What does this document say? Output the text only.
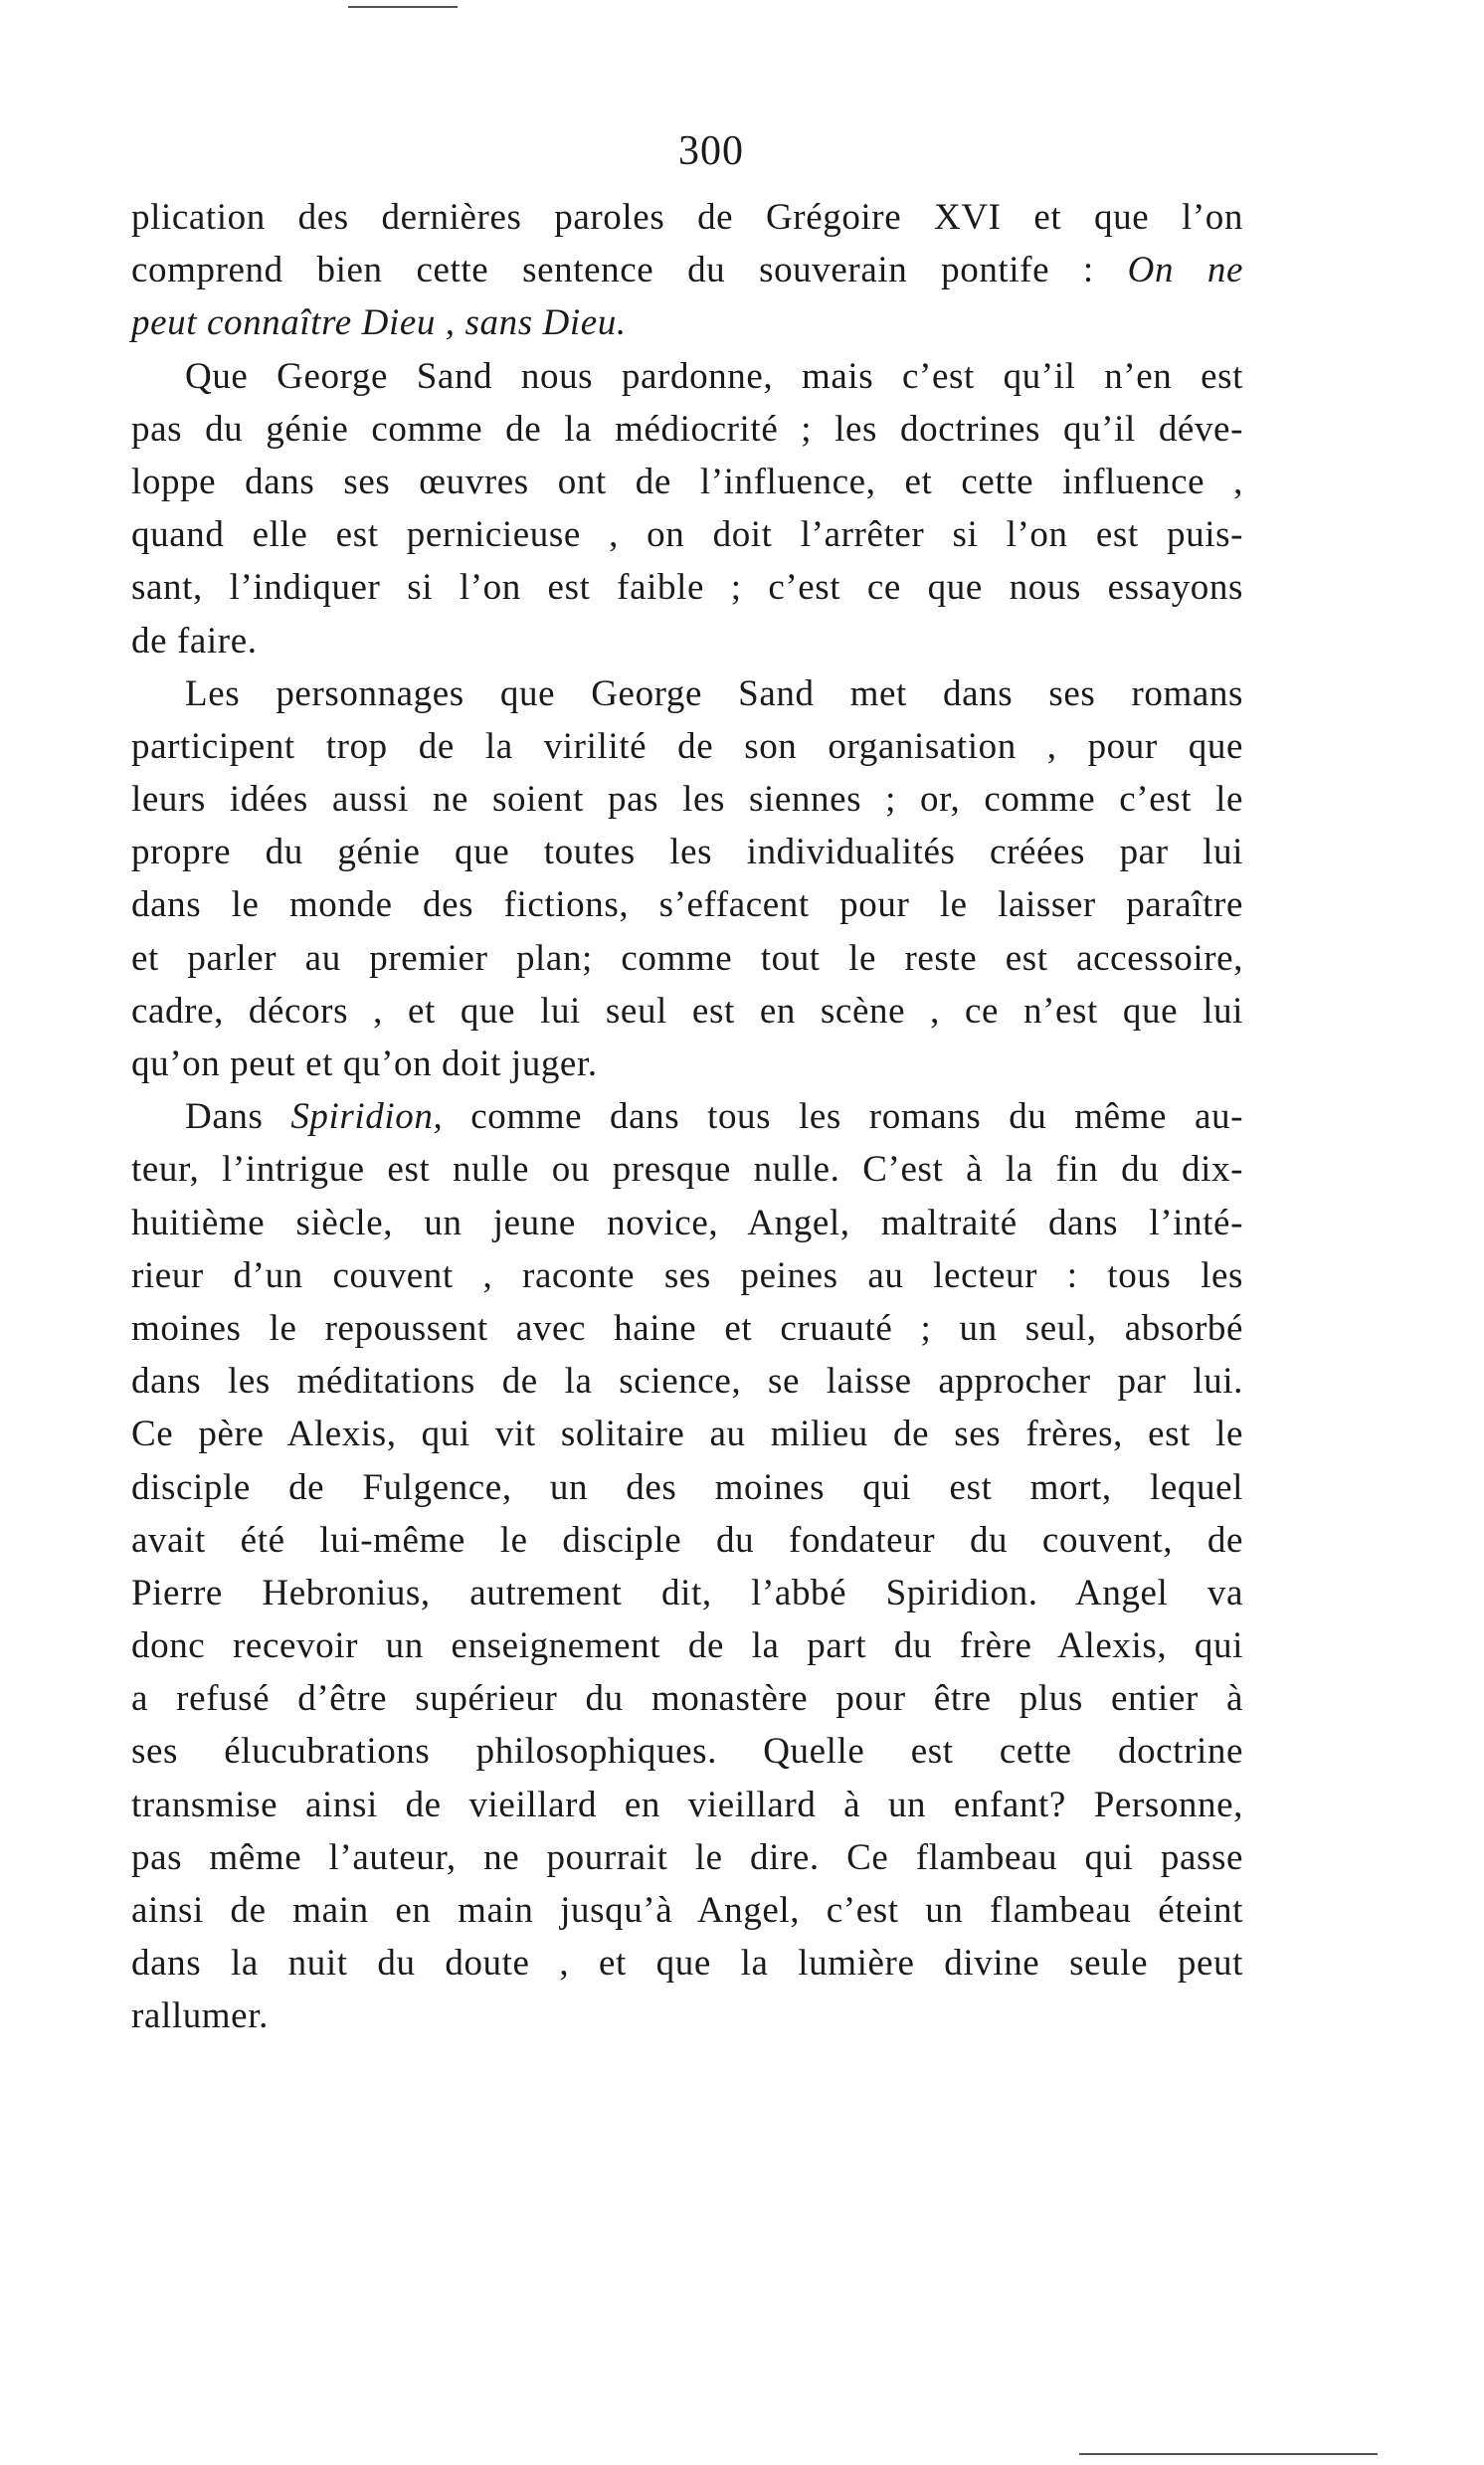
300
plication des dernières paroles de Grégoire XVI et que l’on
comprend bien cette sentence du souverain pontife : On ne
peut connaître Dieu , sans Dieu.
Que George Sand nous pardonne, mais c’est qu’il n’en est
pas du génie comme de la médiocrité ; les doctrines qu’il déve-
loppe dans ses œuvres ont de l’influence, et cette influence ,
quand elle est pernicieuse , on doit l’arrêter si l’on est puis-
sant, l’indiquer si l’on est faible ; c’est ce que nous essayons
de faire.
Les personnages que George Sand met dans ses romans
participent trop de la virilité de son organisation , pour que
leurs idées aussi ne soient pas les siennes ; or, comme c’est le
propre du génie que toutes les individualités créées par lui
dans le monde des fictions, s’effacent pour le laisser paraître
et parler au premier plan; comme tout le reste est accessoire,
cadre, décors , et que lui seul est en scène , ce n’est que lui
qu’on peut et qu’on doit juger.
Dans Spiridion, comme dans tous les romans du même au-
teur, l’intrigue est nulle ou presque nulle. C’est à la fin du dix-
huitième siècle, un jeune novice, Angel, maltraité dans l’inté-
rieur d’un couvent , raconte ses peines au lecteur : tous les
moines le repoussent avec haine et cruauté ; un seul, absorbé
dans les méditations de la science, se laisse approcher par lui.
Ce père Alexis, qui vit solitaire au milieu de ses frères, est le
disciple de Fulgence, un des moines qui est mort, lequel
avait été lui-même le disciple du fondateur du couvent, de
Pierre Hebronius, autrement dit, l’abbé Spiridion. Angel va
donc recevoir un enseignement de la part du frère Alexis, qui
a refusé d’être supérieur du monastère pour être plus entier à
ses élucubrations philosophiques. Quelle est cette doctrine
transmise ainsi de vieillard en vieillard à un enfant? Personne,
pas même l’auteur, ne pourrait le dire. Ce flambeau qui passe
ainsi de main en main jusqu’à Angel, c’est un flambeau éteint
dans la nuit du doute , et que la lumière divine seule peut
rallumer.
